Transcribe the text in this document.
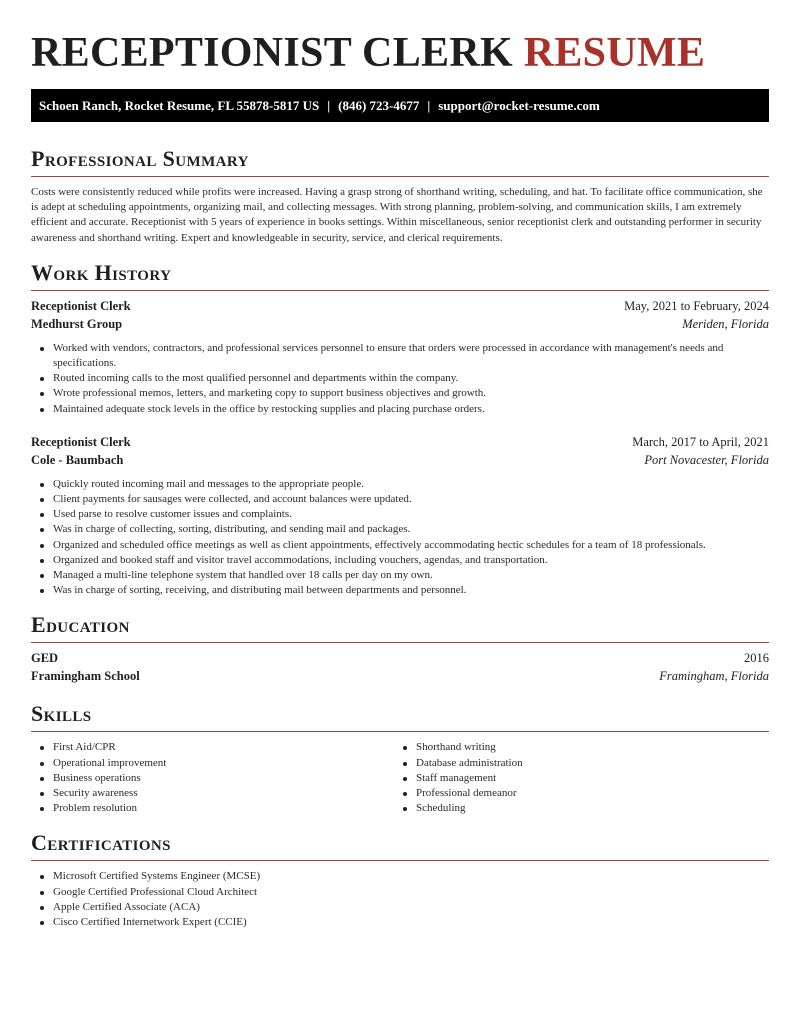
RECEPTIONIST CLERK RESUME
Schoen Ranch, Rocket Resume, FL 55878-5817 US | (846) 723-4677 | support@rocket-resume.com
Professional Summary

Costs were consistently reduced while profits were increased. Having a grasp strong of shorthand writing, scheduling, and hat. To facilitate office communication, she is adept at scheduling appointments, organizing mail, and collecting messages. With strong planning, problem-solving, and communication skills, I am extremely efficient and accurate. Receptionist with 5 years of experience in books settings. Within miscellaneous, senior receptionist clerk and outstanding performer in security awareness and shorthand writing. Expert and knowledgeable in security, service, and clerical requirements.

Work History
Receptionist Clerk	May, 2021 to February, 2024
Medhurst Group	Meriden, Florida
Worked with vendors, contractors, and professional services personnel to ensure that orders were processed in accordance with management's needs and specifications.
Routed incoming calls to the most qualified personnel and departments within the company.
Wrote professional memos, letters, and marketing copy to support business objectives and growth.
Maintained adequate stock levels in the office by restocking supplies and placing purchase orders.
Receptionist Clerk	March, 2017 to April, 2021
Cole - Baumbach	Port Novacester, Florida
Quickly routed incoming mail and messages to the appropriate people.
Client payments for sausages were collected, and account balances were updated.
Used parse to resolve customer issues and complaints.
Was in charge of collecting, sorting, distributing, and sending mail and packages.
Organized and scheduled office meetings as well as client appointments, effectively accommodating hectic schedules for a team of 18 professionals.
Organized and booked staff and visitor travel accommodations, including vouchers, agendas, and transportation.
Managed a multi-line telephone system that handled over 18 calls per day on my own.
Was in charge of sorting, receiving, and distributing mail between departments and personnel.
Education
GED	2016
Framingham School	Framingham, Florida
Skills
First Aid/CPR
Operational improvement
Business operations
Security awareness
Problem resolution
Shorthand writing
Database administration
Staff management
Professional demeanor
Scheduling
Certifications
Microsoft Certified Systems Engineer (MCSE)
Google Certified Professional Cloud Architect
Apple Certified Associate (ACA)
Cisco Certified Internetwork Expert (CCIE)
